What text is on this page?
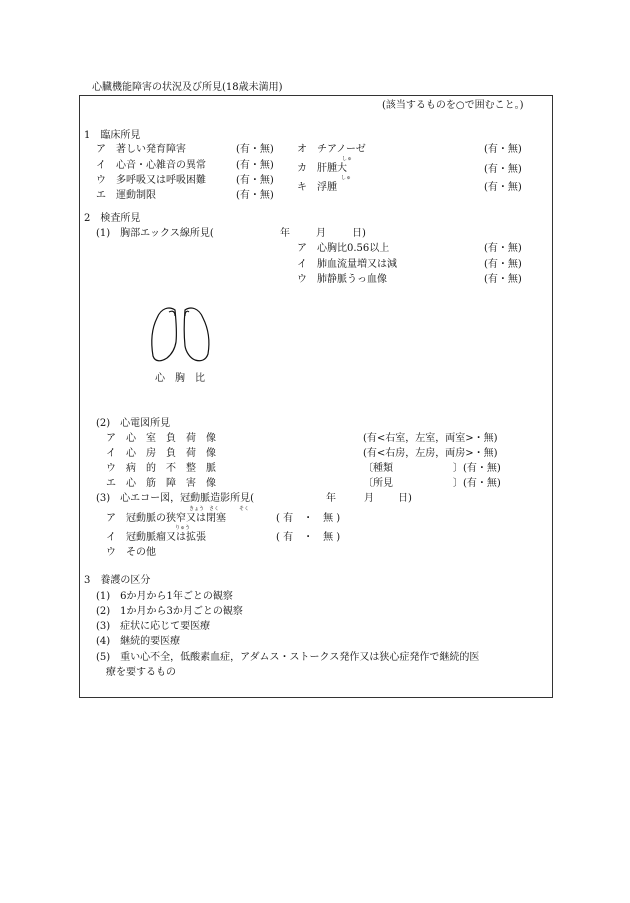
心臓機能障害の状況及び所見(18歳未満用)
(該当するものを○で囲むこと。)
1　臨床所見
ア　著しい発育障害	(有・無)
イ　心音・心雑音の異常	(有・無)
ウ　多呼吸又は呼吸困難	(有・無)
エ　運動制限	(有・無)
オ　チアノーゼ	(有・無)
しゅ
カ　肝腫大	(有・無)
しゅ
キ　浮腫	(有・無)
2　検査所見
(1)　胸部エックス線所見(	年	月	日)
ア　心胸比0.56以上	(有・無)
イ　肺血流量増又は減	(有・無)
ウ　肺静脈うっ血像	(有・無)
心　胸　比
(2)　心電図所見
ア　心　室　負　荷　像	(有<右室，左室，両室>・無)
イ　心　房　負　荷　像	(有<右房，左房，両房>・無)
ウ　病　的　不　整　脈	〔種類　　　　　　〕(有・無)
エ　心　筋　障　害　像	〔所見　　　　　　〕(有・無)
(3)　心エコー図，冠動脈造影所見(	年	月 日)
きょう　さく　　　　そく
ア　冠動脈の狭窄又は閉塞	( 有　・　無 )
りゅう
イ　冠動脈瘤又は拡張	( 有　・　無 )
ウ　その他
3　養護の区分
(1)　6か月から1年ごとの観察
(2)　1か月から3か月ごとの観察
(3)　症状に応じて要医療
(4)　継続的要医療
(5)　重い心不全，低酸素血症，アダムス・ストークス発作又は狭心症発作で継続的医
療を要するもの
